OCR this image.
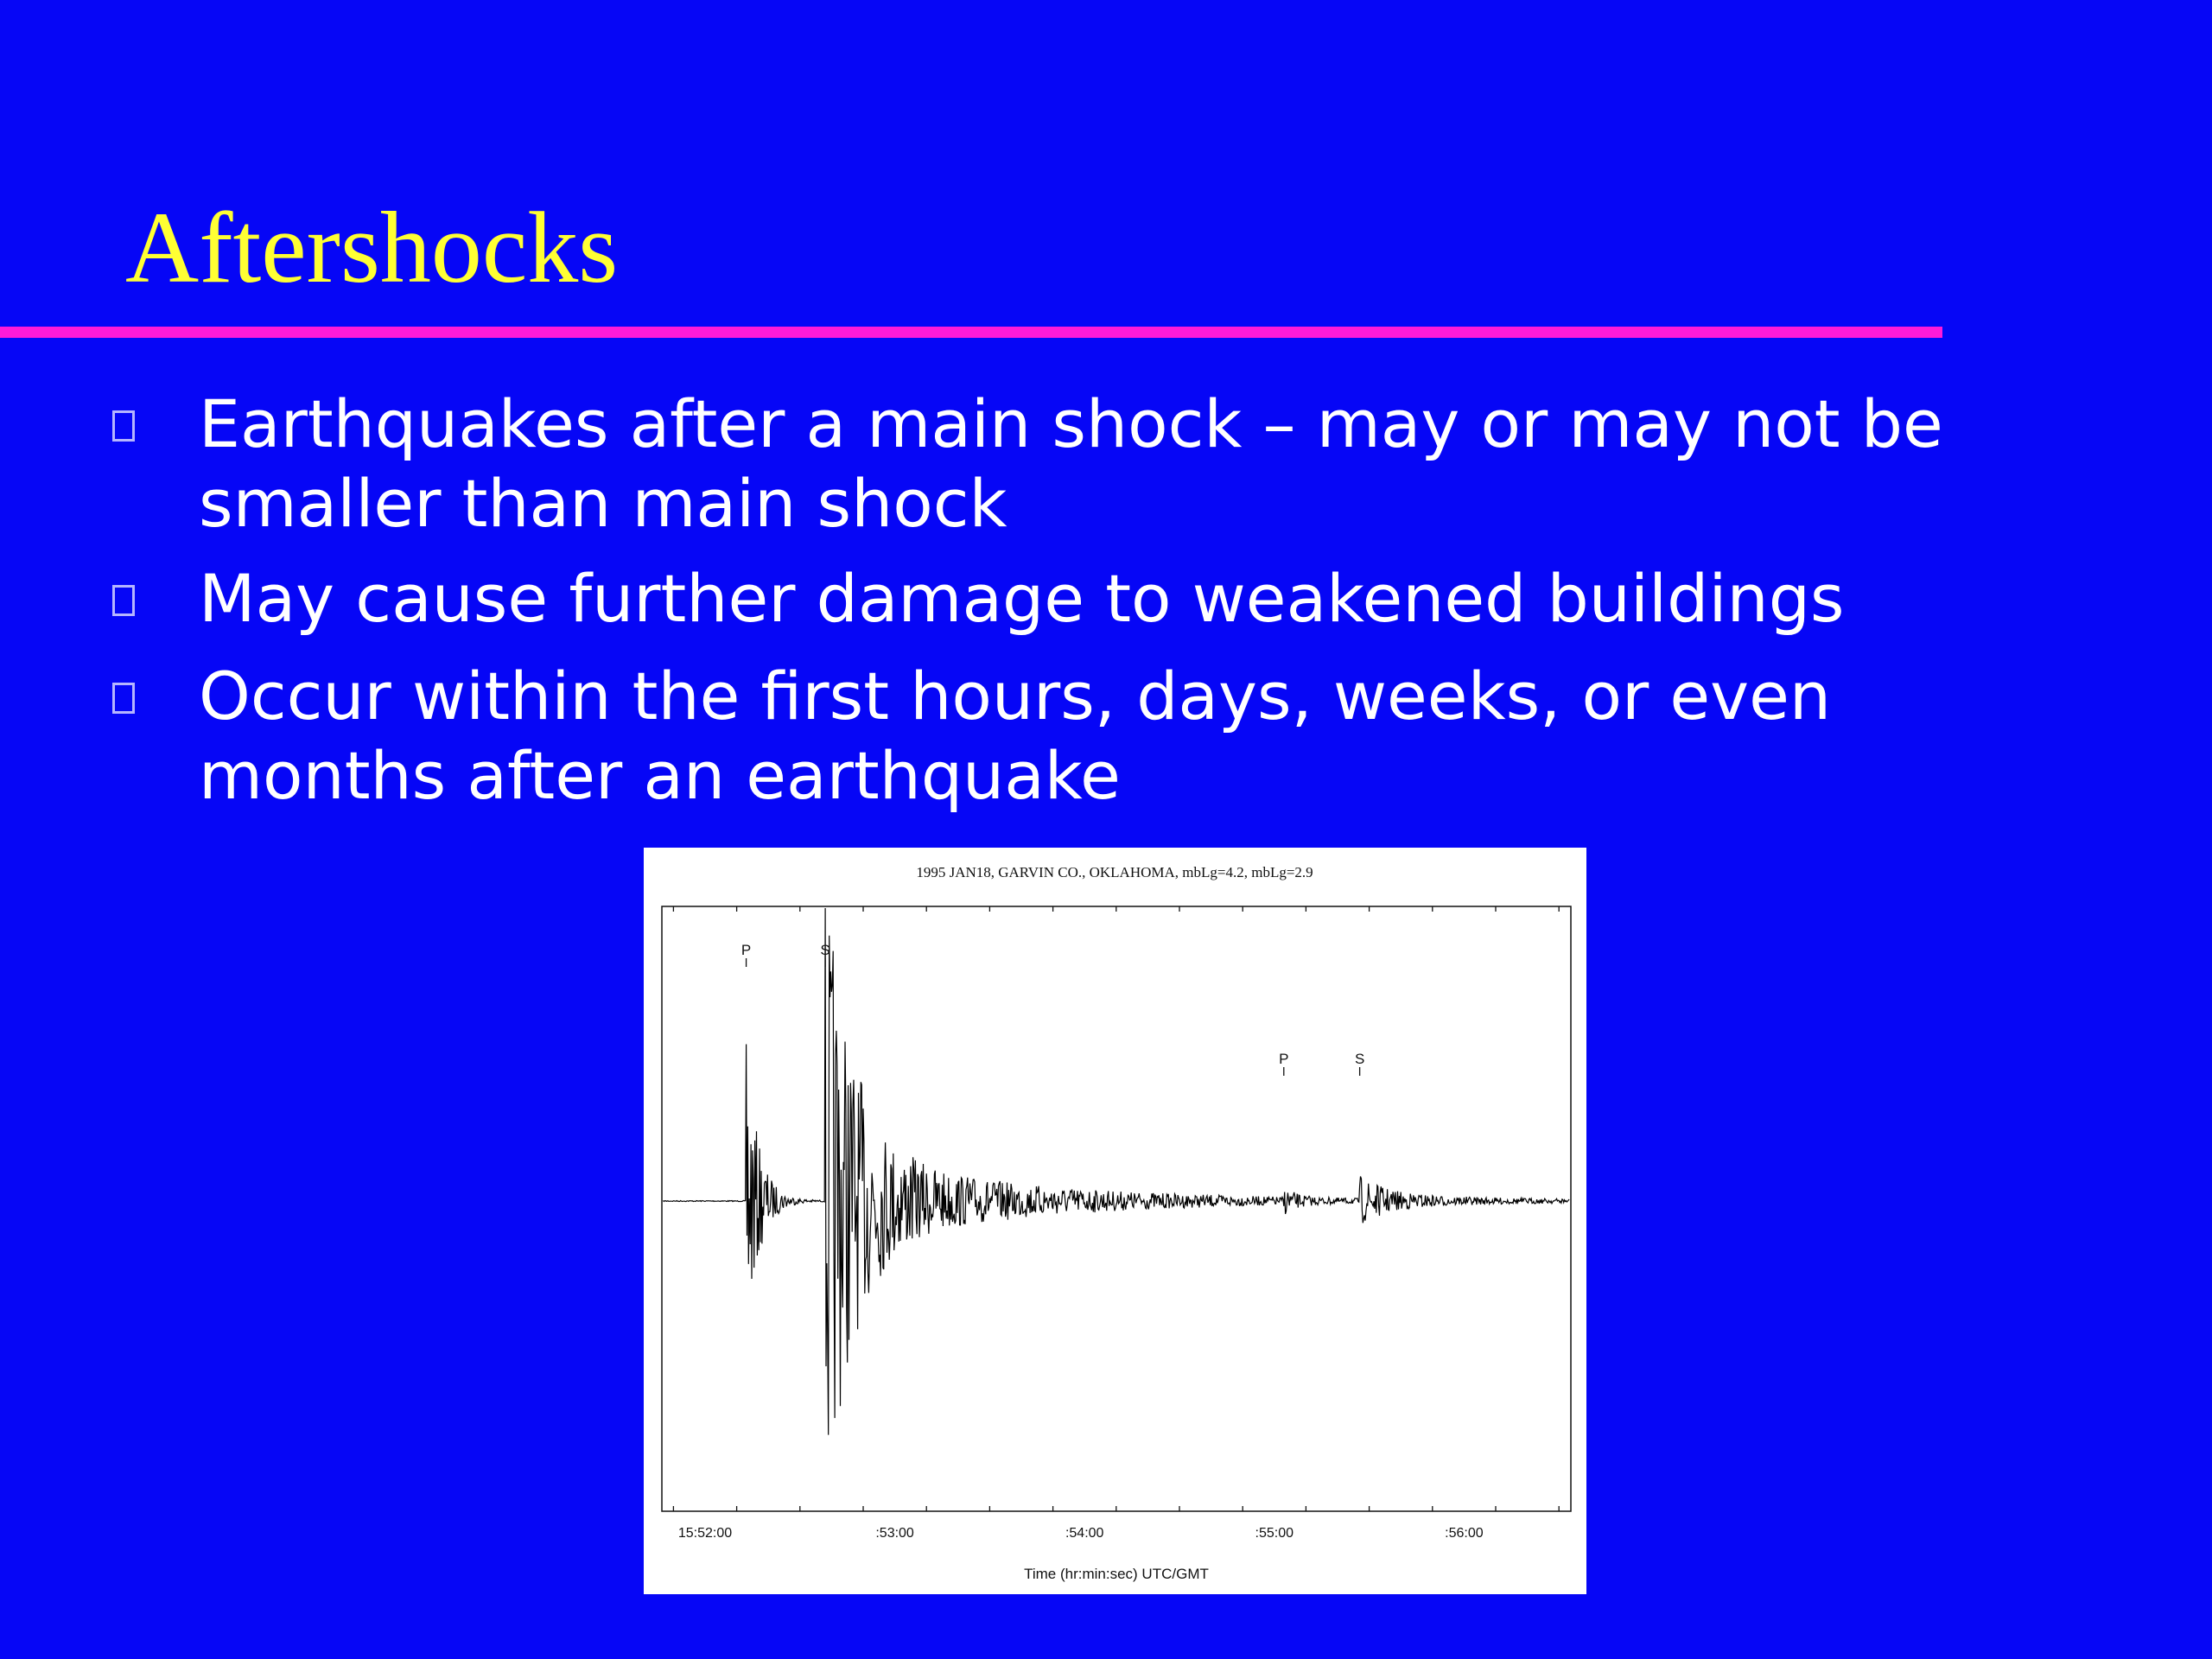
Aftershocks
Earthquakes after a main shock – may or may not be
smaller than main shock
May cause further damage to weakened buildings
Occur within the first hours, days, weeks, or even
months after an earthquake
1995 JAN18, GARVIN CO., OKLAHOMA, mbLg=4.2, mbLg=2.9
15:52:00	:53:00	:54:00	:55:00	:56:00
P	S
P	S
Time (hr:min:sec) UTC/GMT
